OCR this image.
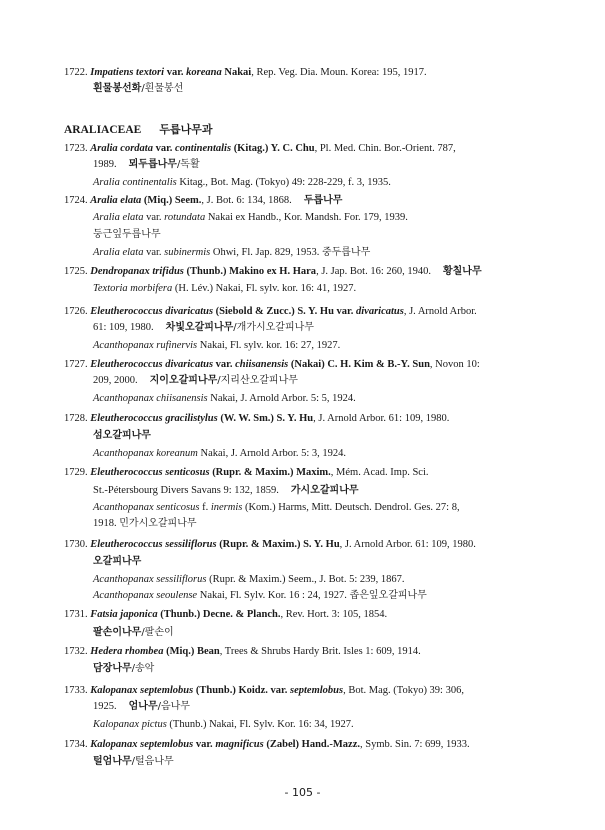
ARALIACEAE 두릅나무과
1722. Impatiens textori var. koreana Nakai, Rep. Veg. Dia. Moun. Korea: 195, 1917.
흰물봉선화/흰물봉선
1723. Aralia cordata var. continentalis (Kitag.) Y. C. Chu, Pl. Med. Chin. Bor.-Orient. 787,
1989. 뫼두릅나무/독활
Aralia continentalis Kitag., Bot. Mag. (Tokyo) 49: 228-229, f. 3, 1935.
1724. Aralia elata (Miq.) Seem., J. Bot. 6: 134, 1868. 두릅나무
Aralia elata var. rotundata Nakai ex Handb., Kor. Mandsh. For. 179, 1939.
둥근잎두릅나무
Aralia elata var. subinermis Ohwi, Fl. Jap. 829, 1953. 중두릅나무
1725. Dendropanax trifidus (Thunb.) Makino ex H. Hara, J. Jap. Bot. 16: 260, 1940. 황칠나무
Textoria morbifera (H. Lév.) Nakai, Fl. sylv. kor. 16: 41, 1927.
1726. Eleutherococcus divaricatus (Siebold & Zucc.) S. Y. Hu var. divaricatus, J. Arnold Arbor.
61: 109, 1980. 차빛오갈피나무/개가시오갈피나무
Acanthopanax rufinervis Nakai, Fl. sylv. kor. 16: 27, 1927.
1727. Eleutherococcus divaricatus var. chiisanensis (Nakai) C. H. Kim & B.-Y. Sun, Novon 10:
209, 2000. 지이오갈피나무/지리산오갈피나무
Acanthopanax chiisanensis Nakai, J. Arnold Arbor. 5: 5, 1924.
1728. Eleutherococcus gracilistylus (W. W. Sm.) S. Y. Hu, J. Arnold Arbor. 61: 109, 1980.
섬오갈피나무
Acanthopanax koreanum Nakai, J. Arnold Arbor. 5: 3, 1924.
1729. Eleutherococcus senticosus (Rupr. & Maxim.) Maxim., Mém. Acad. Imp. Sci.
St.-Pétersbourg Divers Savans 9: 132, 1859. 가시오갈피나무
Acanthopanax senticosus f. inermis (Kom.) Harms, Mitt. Deutsch. Dendrol. Ges. 27: 8,
1918. 민가시오갈피나무
1730. Eleutherococcus sessiliflorus (Rupr. & Maxim.) S. Y. Hu, J. Arnold Arbor. 61: 109, 1980.
오갈피나무
Acanthopanax sessiliflorus (Rupr. & Maxim.) Seem., J. Bot. 5: 239, 1867.
Acanthopanax seoulense Nakai, Fl. Sylv. Kor. 16 : 24, 1927. 좁은잎오갈피나무
1731. Fatsia japonica (Thunb.) Decne. & Planch., Rev. Hort. 3: 105, 1854.
팔손이나무/팔손이
1732. Hedera rhombea (Miq.) Bean, Trees & Shrubs Hardy Brit. Isles 1: 609, 1914.
담장나무/송악
1733. Kalopanax septemlobus (Thunb.) Koidz. var. septemlobus, Bot. Mag. (Tokyo) 39: 306,
1925. 엄나무/음나무
Kalopanax pictus (Thunb.) Nakai, Fl. Sylv. Kor. 16: 34, 1927.
1734. Kalopanax septemlobus var. magnificus (Zabel) Hand.-Mazz., Symb. Sin. 7: 699, 1933.
털엄나무/털음나무
- 105 -
